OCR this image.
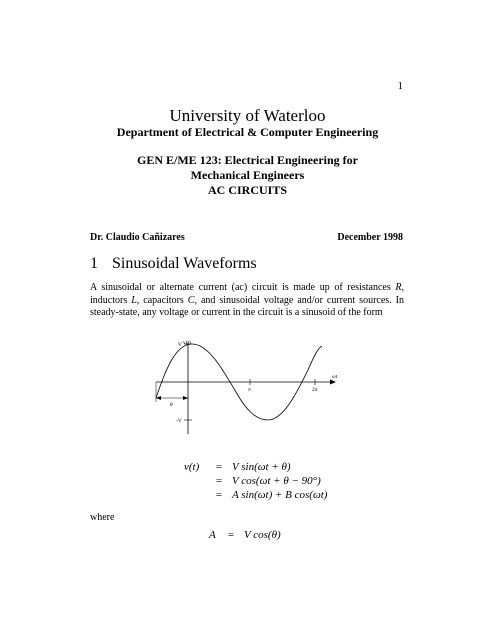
1
University of Waterloo
Department of Electrical & Computer Engineering
GEN E/ME 123: Electrical Engineering for
Mechanical Engineers
AC CIRCUITS
Dr. Claudio Cañizares	December 1998
1 Sinusoidal Waveforms
A sinusoidal or alternate current (ac) circuit is made up of resistances R, inductors L, capacitors C, and sinusoidal voltage and/or current sources. In steady-state, any voltage or current in the circuit is a sinusoid of the form
v(t)
ωt
V
-V
π	2π
θ
v(t)	= V sin(ωt + θ)
= V cos(ωt + θ − 90°)
= A sin(ωt) + B cos(ωt)
where
A	= V cos(θ)
